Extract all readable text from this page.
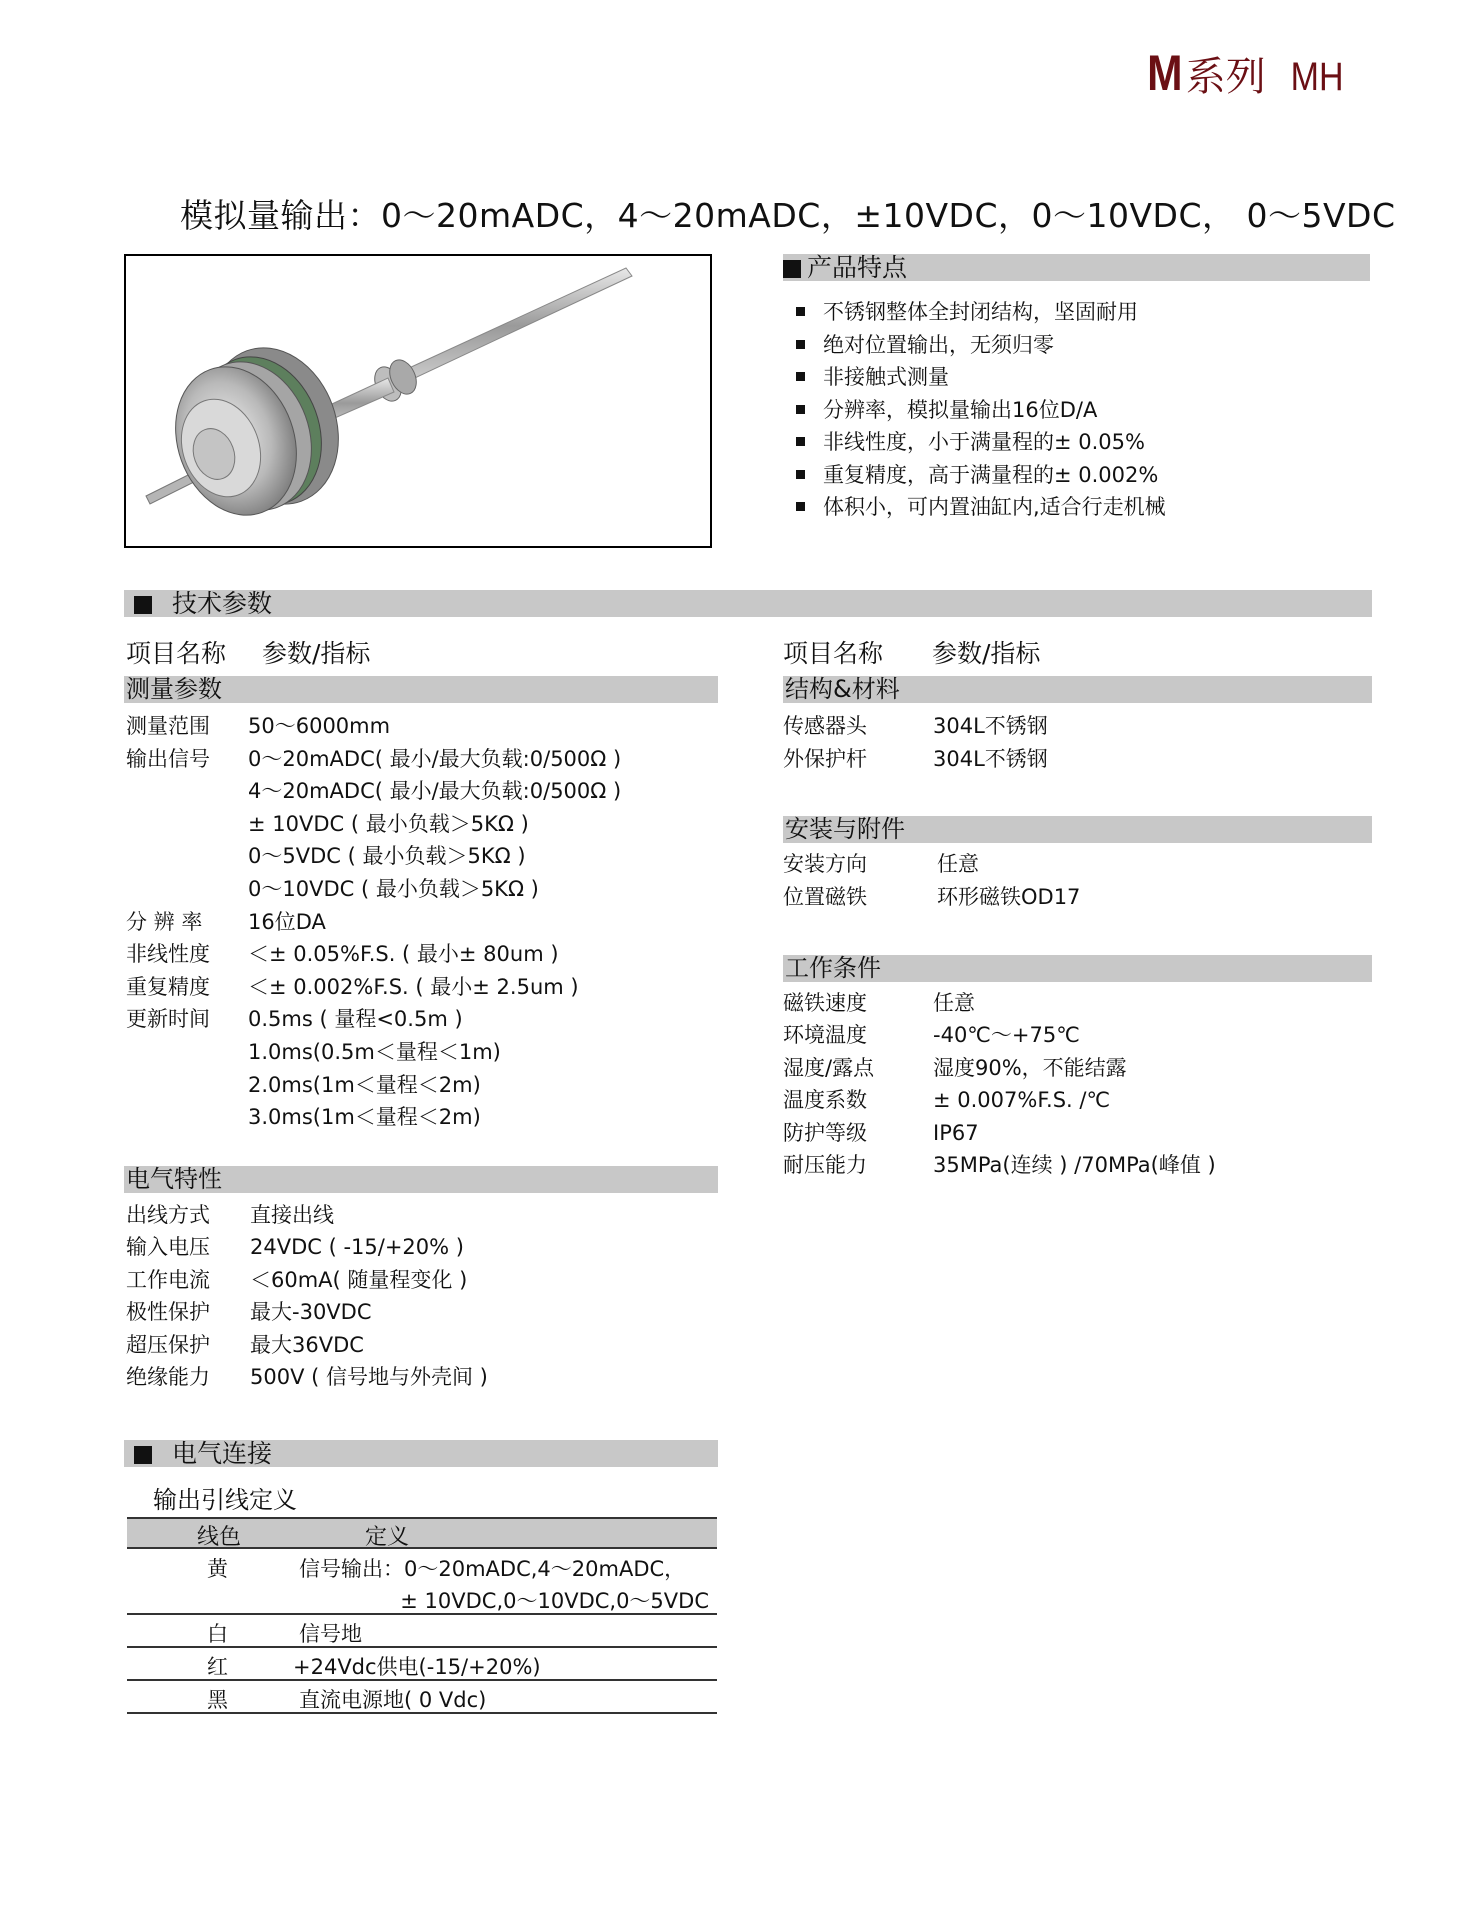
M系列 MH
模拟量输出：0～20mADC，4～20mADC，±10VDC，0～10VDC， 0～5VDC
产品特点
不锈钢整体全封闭结构，坚固耐用
绝对位置输出，无须归零
非接触式测量
分辨率，模拟量输出16位D/A
非线性度，小于满量程的± 0.05%
重复精度，高于满量程的± 0.002%
体积小，可内置油缸内,适合行走机械
技术参数
项目名称 参数/指标	项目名称 参数/指标
测量参数
测量范围 50～6000mm
输出信号 0～20mADC( 最小/最大负载:0/500Ω )
4～20mADC( 最小/最大负载:0/500Ω )
± 10VDC ( 最小负载＞5KΩ )
0～5VDC ( 最小负载＞5KΩ )
0～10VDC ( 最小负载＞5KΩ )
分 辨 率 16位DA
非线性度 ＜± 0.05%F.S. ( 最小± 80um )
重复精度 ＜± 0.002%F.S. ( 最小± 2.5um )
更新时间 0.5ms ( 量程<0.5m )
1.0ms(0.5m＜量程＜1m)
2.0ms(1m＜量程＜2m)
3.0ms(1m＜量程＜2m)
电气特性
出线方式 直接出线
输入电压 24VDC ( -15/+20% )
工作电流 ＜60mA( 随量程变化 )
极性保护 最大-30VDC
超压保护 最大36VDC
绝缘能力 500V ( 信号地与外壳间 )
电气连接
输出引线定义
线色	定义
黄	信号输出：0～20mADC,4～20mADC，
± 10VDC,0～10VDC,0～5VDC
白	信号地
红	+24Vdc供电(-15/+20%)
黑	直流电源地( 0 Vdc)
结构&材料
传感器头	304L不锈钢
外保护杆	304L不锈钢
安装与附件
安装方向	任意
位置磁铁	环形磁铁OD17
工作条件
磁铁速度	任意
环境温度	-40℃～+75℃
湿度/露点	湿度90%，不能结露
温度系数	± 0.007%F.S. /℃
防护等级	IP67
耐压能力	35MPa(连续 ) /70MPa(峰值 )
